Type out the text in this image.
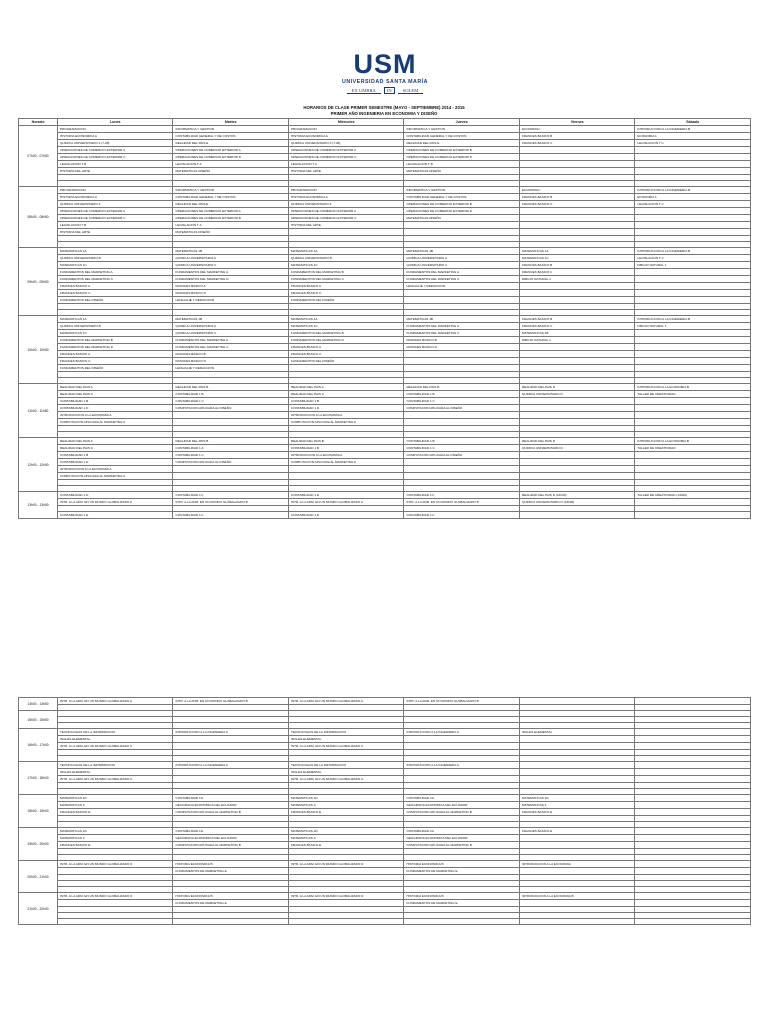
USM
UNIVERSIDAD SANTA MARÍA
EX UMBRA	IN	SOLEM
HORARIOS DE CLASE PRIMER SEMESTRE (MAYO - SEPTIEMBRE) 2014 - 2015
PRIMER AÑO INGENIERIA EN ECONOMIA Y DISEÑO
Horario	Lunes	Martes	Miércoles	Jueves	Viernes	Sábado
07h00 - 07h50	PROGRAMACION	INFORMATICA Y GESTION	PROGRAMACION	INFORMATICA Y GESTION	ECONOMIA I	INTRODUCCION A LA INGENIERIA B
	HISTORIA ECONOMICA A	CONTABILIDAD GENERAL Y DE COSTOS	HISTORIA ECONOMICA A	CONTABILIDAD GENERAL Y DE COSTOS	FRANCES BASICO B	ECONOMIA 1
	QUIMICA UNIVERSITARIO II (7-08)	REALIDAD DEL PAIS E	QUIMICA UNIVERSITARIO II (7-08)	REALIDAD DEL PAIS E	FRANCES BASICO C	LEGISLACION T C
	OPERACIONES DE COMERCIO EXTERIOR A	OPERACIONES DE COMERCIO EXTERIOR A	OPERACIONES DE COMERCIO EXTERIOR A	OPERACIONES DE COMERCIO EXTERIOR B		
	OPERACIONES DE COMERCIO EXTERIOR C	OPERACIONES DE COMERCIO EXTERIOR D	OPERACIONES DE COMERCIO EXTERIOR C	OPERACIONES DE COMERCIO EXTERIOR D		
	LEGISLACION T B	LEGISLACION T A	LEGISLACION T A	LEGISLACION T B		
	HISTORIA DEL ARTE	MATEMATICAS DISEÑO	HISTORIA DEL ARTE	MATEMATICAS DISEÑO		

08h00 - 08h50	PROGRAMACION	INFORMATICA Y GESTION	PROGRAMACION	INFORMATICA Y GESTION	ECONOMIA I	INTRODUCCION A LA INGENIERIA B
	HISTORIA ECONOMICA A	CONTABILIDAD GENERAL Y DE COSTOS	HISTORIA ECONOMICA A	CONTABILIDAD GENERAL Y DE COSTOS	FRANCES BASICO B	ECONOMIA 1
	QUIMICA UNIVERSITARIO II	REALIDAD DEL PAIS E	QUIMICA UNIVERSITARIO II	OPERACIONES DE COMERCIO EXTERIOR B	FRANCES BASICO C	LEGISLACION T C
	OPERACIONES DE COMERCIO EXTERIOR A	OPERACIONES DE COMERCIO EXTERIOR A	OPERACIONES DE COMERCIO EXTERIOR A	OPERACIONES DE COMERCIO EXTERIOR D		
	OPERACIONES DE COMERCIO EXTERIOR C	OPERACIONES DE COMERCIO EXTERIOR D	OPERACIONES DE COMERCIO EXTERIOR C	MATEMATICAS DISEÑO		
	LEGISLACION T B	LEGISLACION T A	HISTORIA DEL ARTE			
	HISTORIA DEL ARTE	MATEMATICAS DISEÑO				

09h00 - 09h50	MATEMATICAS 1A	MATEMATICAS 1B	MATEMATICAS 1A	MATEMATICAS 1B	MATEMATICAS 1A	INTRODUCCION A LA INGENIERIA B
	QUIMICA UNIVERSITARIO B	QUIMICA UNIVERSITARIO A	QUIMICA UNIVERSITARIO B	QUIMICA UNIVERSITARIO A	MATEMATICAS 1C	LEGISLACION T C
	MATEMATICAS 1C	QUIMICA UNIVERSITARIO C	MATEMATICAS 1C	QUIMICA UNIVERSITARIO C	FRANCES BASICO B	DIBUJO NATURAL 1
	FUNDAMENTOS DEL MARKETING A	FUNDAMENTOS DEL MARKETING A	FUNDAMENTOS DEL MARKETING B	FUNDAMENTOS DEL MARKETING A	FRANCES BASICO C	
	FUNDAMENTOS DEL MARKETING C	FUNDAMENTOS DEL MARKETING D	FUNDAMENTOS DEL MARKETING C	FUNDAMENTOS DEL MARKETING C	DIBUJO NATURAL 1	
	FRANCES BASICO A	FRANCES BASICO A	FRANCES BASICO A	LENGUAJE Y REDACCION		
	FRANCES BASICO C	FRANCES BASICO D	FRANCES BASICO C			
	FUNDAMENTOS DEL DISEÑO	LENGUAJE Y REDACCION	FUNDAMENTOS DEL DISEÑO			

10h00 - 10h50	MATEMATICAS 1A	MATEMATICAS 1B	MATEMATICAS 1A	MATEMATICAS 1B	FRANCES BASICO B	INTRODUCCION A LA INGENIERIA B
	QUIMICA UNIVERSITARIO B	QUIMICA UNIVERSITARIO A	MATEMATICAS 1C	FUNDAMENTOS DEL MARKETING A	FRANCES BASICO C	DIBUJO NATURAL 1
	MATEMATICAS 1C	QUIMICA UNIVERSITARIO C	FUNDAMENTOS DEL MARKETING B	FUNDAMENTOS DEL MARKETING C	MATEMATICAS 1B	
	FUNDAMENTOS DEL MARKETING B	FUNDAMENTOS DEL MARKETING A	FUNDAMENTOS DEL MARKETING D	FRANCES BASICO B	DIBUJO NATURAL 1	
	FUNDAMENTOS DEL MARKETING D	FUNDAMENTOS DEL MARKETING C	FRANCES BASICO A	FRANCES BASICO D		
	FRANCES BASICO A	FRANCES BASICO B	FRANCES BASICO C			
	FRANCES BASICO C	FRANCES BASICO D	FUNDAMENTOS DEL DISEÑO			
	FUNDAMENTOS DEL DISEÑO	LENGUAJE Y REDACCION				

11h00 - 11h50	REALIDAD DEL PAIS A	REALIDAD DEL PAIS B	REALIDAD DEL PAIS A	REALIDAD DEL PAIS B	REALIDAD DEL PAIS D	INTRODUCCION A LA ECONOMIA B
	REALIDAD DEL PAIS C	CONTABILIDAD 1 B	REALIDAD DEL PAIS C	CONTABILIDAD 1 B	QUIMICA UNIVERSITARIO D	TALLER DE CREATIVIDAD
	CONTABILIDAD 1 B	CONTABILIDAD 1 C	CONTABILIDAD 1 B	CONTABILIDAD 1 C		
	CONTABILIDAD 1 D	COMPUTACION APLICADA AL DISEÑO	CONTABILIDAD 1 D	COMPUTACION APLICADA AL DISEÑO		
	INTRODUCCION A LA ECONOMIA A		INTRODUCCION A LA ECONOMIA A			
	COMPUTACION APLICADA AL MARKETING A		COMPUTACION APLICADA AL MARKETING A			

12h00 - 12h50	REALIDAD DEL PAIS A	REALIDAD DEL PAIS B	REALIDAD DEL PAIS B	CONTABILIDAD 1 B	REALIDAD DEL PAIS D	INTRODUCCION A LA ECONOMIA B
	REALIDAD DEL PAIS C	CONTABILIDAD 1 A	CONTABILIDAD 1 B	CONTABILIDAD 1 C	QUIMICA UNIVERSITARIO D	TALLER DE CREATIVIDAD
	CONTABILIDAD 1 B	CONTABILIDAD 1 C	INTRODUCCION A LA ECONOMIA A	COMPUTACION APLICADA AL DISEÑO		
	CONTABILIDAD 1 D	COMPUTACION APLICADA AL DISEÑO	COMPUTACION APLICADA AL MARKETING A			
	INTRODUCCION A LA ECONOMIA A					
	COMPUTACION APLICADA AL MARKETING A					

13h00 - 13h50	CONTABILIDAD 1 D	CONTABILIDAD 1 F	CONTABILIDAD 1 E	CONTABILIDAD 1 F	REALIDAD DEL PAIS D (13h00)	TALLER DE CREATIVIDAD (13h00)
	INTR. A LA ADM. EN UN MUNDO GLOBALIZADO A	INTR. A LA ADM. EN UN MUNDO GLOBALIZADO B	INTR. A LA ADM. EN UN MUNDO GLOBALIZADO A	INTR. A LA ADM. EN UN MUNDO GLOBALIZADO B	QUIMICA UNIVERSITARIO D (13h00)	

	CONTABILIDAD 1 E	CONTABILIDAD 1 F	CONTABILIDAD 1 E	CONTABILIDAD 1 F		
14h00 - 14h50	INTR. A LA ADM. EN UN MUNDO GLOBALIZADO A	INTR. A LA ADM. EN UN MUNDO GLOBALIZADO B	INTR. A LA ADM. EN UN MUNDO GLOBALIZADO A	INTR. A LA ADM. EN UN MUNDO GLOBALIZADO B		

15h00 - 15h50						

16h00 - 17h00	TECNOLOGIAS DE LA INFORMACION	INTRODUCCION A LA INGENIERIA A	TECNOLOGIAS DE LA INFORMACION	INTRODUCCION A LA INGENIERIA A	INGLES ELEMENTAL	
	INGLES ELEMENTAL		INGLES ELEMENTAL			
	INTR. A LA ADM. EN UN MUNDO GLOBALIZADO C		INTR. A LA ADM. EN UN MUNDO GLOBALIZADO C			

17h00 - 18h00	TECNOLOGIAS DE LA INFORMACION	INTRODUCCION A LA INGENIERIA A	TECNOLOGIAS DE LA INFORMACION	INTRODUCCION A LA INGENIERIA A		
	INGLES ELEMENTAL		INGLES ELEMENTAL			
	INTR. A LA ADM. EN UN MUNDO GLOBALIZADO C		INTR. A LA ADM. EN UN MUNDO GLOBALIZADO C			

18h00 - 19h00	MATEMATICAS 1D	CONTABILIDAD 1G	MATEMATICAS 1D	CONTABILIDAD 1G	MATEMATICAS 1D	
	MATEMATICAS II	GEOGRAFIA ECONOMICA DEL ECUADOR	MATEMATICAS II	GEOGRAFIA ECONOMICA DEL ECUADOR	MATEMATICAS II	
	FRANCES BASICO E	COMPUTACION APLICADA AL MARKETING B	FRANCES BASICO E	COMPUTACION APLICADA AL MARKETING B	FRANCES BASICO E	

19h00 - 20h00	MATEMATICAS 1D	CONTABILIDAD 1G	MATEMATICAS 1D	CONTABILIDAD 1G	FRANCES BASICO E	
	MATEMATICAS II	GEOGRAFIA ECONOMICA DEL ECUADOR	MATEMATICAS II	GEOGRAFIA ECONOMICA DEL ECUADOR		
	FRANCES BASICO E	COMPUTACION APLICADA AL MARKETING B	FRANCES BASICO E	COMPUTACION APLICADA AL MARKETING B		

20h00 - 21h00	INTR. A LA ADM. EN UN MUNDO GLOBALIZADO D	HISTORIA ECONOMICA B	INTR. A LA ADM. EN UN MUNDO GLOBALIZADO D	HISTORIA ECONOMICA B	INTRODUCCION A LA ECONOMIA	
		FUNDAMENTOS DE MARKETING E		FUNDAMENTOS DE MARKETING E		

21h00 - 22h00	INTR. A LA ADM. EN UN MUNDO GLOBALIZADO D	HISTORIA ECONOMICA B	INTR. A LA ADM. EN UN MUNDO GLOBALIZADO D	HISTORIA ECONOMICA B	INTRODUCCION A LA ECONOMIA B	
		FUNDAMENTOS DE MARKETING E		FUNDAMENTOS DE MARKETING E		
